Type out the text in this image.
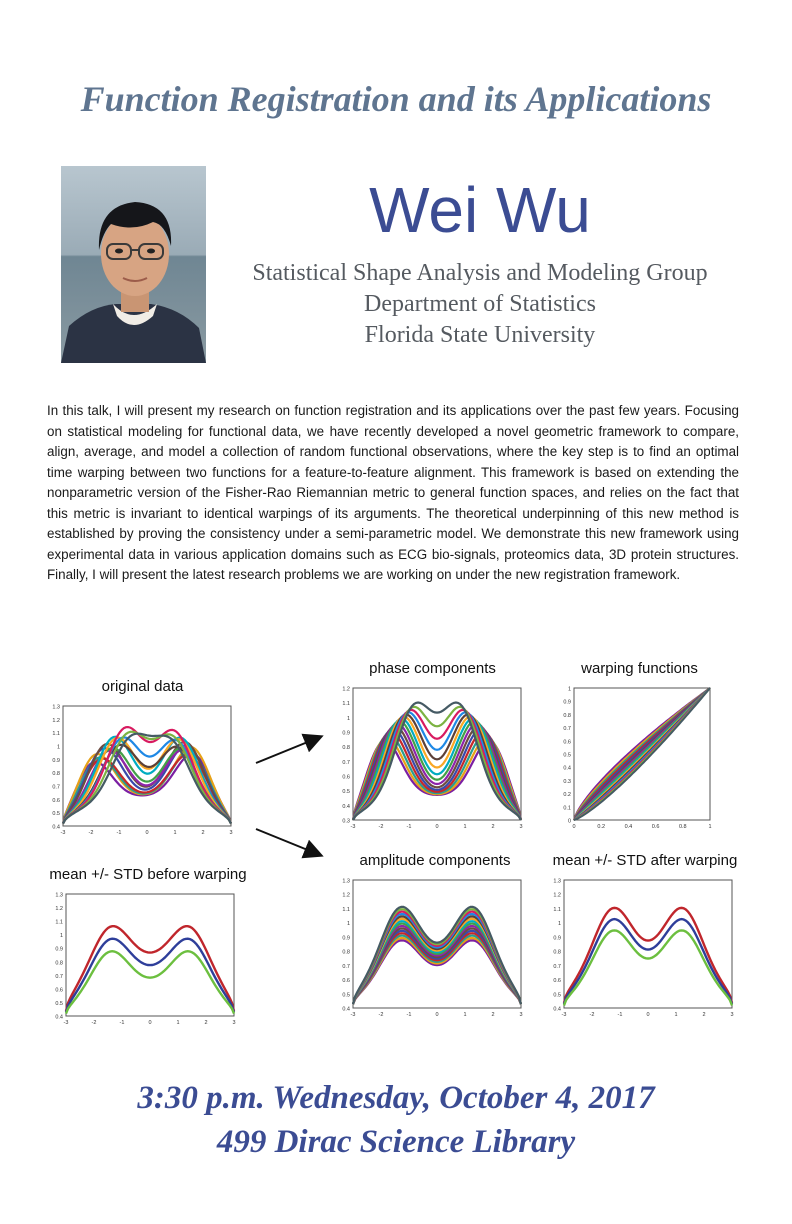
Function Registration and its Applications
Wei Wu
Statistical Shape Analysis and Modeling Group
Department of Statistics
Florida State University

In this talk, I will present my research on function registration and its applications over the past few years. Focusing on statistical modeling for functional data, we have recently developed a novel geometric framework to compare, align, average, and model a collection of random functional observations, where the key step is to find an optimal time warping between two functions for a feature-to-feature alignment. This framework is based on extending the nonparametric version of the Fisher-Rao Riemannian metric to general function spaces, and relies on the fact that this metric is invariant to identical warpings of its arguments. The theoretical underpinning of this new method is established by proving the consistency under a semi-parametric model. We demonstrate this new framework using experimental data in various application domains such as ECG bio-signals, proteomics data, 3D protein structures. Finally, I will present the latest research problems we are working on under the new registration framework.

original data
1.3
1.2
1.1
1
0.9
0.8
0.7
0.6
0.5
0.4
-3	-2	-1	0	1	2	3
phase components
1.2
1.1
1
0.9
0.8
0.7
0.6
0.5
0.4
0.3
-3	-2	-1	0	1	2	3
warping functions
1
0.9
0.8
0.7
0.6
0.5
0.4
0.3
0.2
0.1
0
0	0.2	0.4	0.6	0.8	1
mean +/- STD before warping
1.3
1.2
1.1
1
0.9
0.8
0.7
0.6
0.5
0.4
-3	-2	-1	0	1	2	3
amplitude components
1.3
1.2
1.1
1
0.9
0.8
0.7
0.6
0.5
0.4
-3	-2	-1	0	1	2	3
mean +/- STD after warping
1.3
1.2
1.1
1
0.9
0.8
0.7
0.6
0.5
0.4
-3	-2	-1	0	1	2	3
3:30 p.m. Wednesday, October 4, 2017
499 Dirac Science Library
